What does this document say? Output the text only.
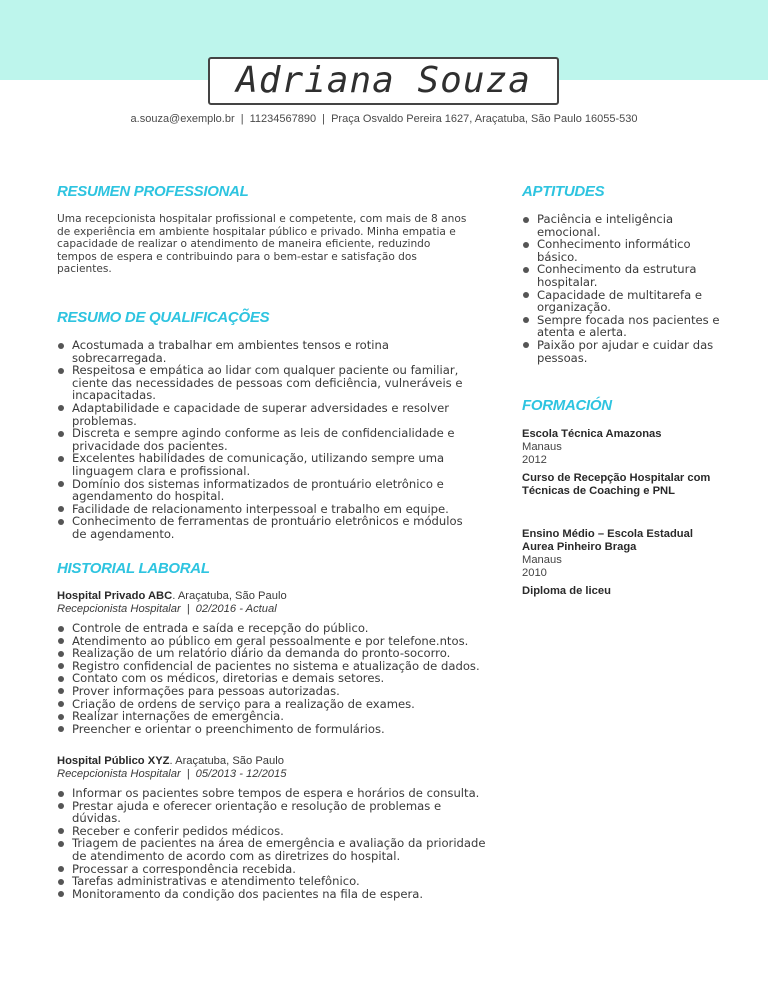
Adriana Souza
a.souza@exemplo.br | 11234567890 | Praça Osvaldo Pereira 1627, Araçatuba, São Paulo 16055-530
RESUMEN PROFESSIONAL
Uma recepcionista hospitalar profissional e competente, com mais de 8 anos de experiência em ambiente hospitalar público e privado. Minha empatia e capacidade de realizar o atendimento de maneira eficiente, reduzindo tempos de espera e contribuindo para o bem-estar e satisfação dos pacientes.
RESUMO DE QUALIFICAÇÕES
Acostumada a trabalhar em ambientes tensos e rotina sobrecarregada.
Respeitosa e empática ao lidar com qualquer paciente ou familiar, ciente das necessidades de pessoas com deficiência, vulneráveis e incapacitadas.
Adaptabilidade e capacidade de superar adversidades e resolver problemas.
Discreta e sempre agindo conforme as leis de confidencialidade e privacidade dos pacientes.
Excelentes habilidades de comunicação, utilizando sempre uma linguagem clara e profissional.
Domínio dos sistemas informatizados de prontuário eletrônico e agendamento do hospital.
Facilidade de relacionamento interpessoal e trabalho em equipe.
Conhecimento de ferramentas de prontuário eletrônicos e módulos de agendamento.
HISTORIAL LABORAL
Hospital Privado ABC. Araçatuba, São Paulo
Recepcionista Hospitalar | 02/2016 - Actual
Controle de entrada e saída e recepção do público.
Atendimento ao público em geral pessoalmente e por telefone.ntos.
Realização de um relatório diário da demanda do pronto-socorro.
Registro confidencial de pacientes no sistema e atualização de dados.
Contato com os médicos, diretorias e demais setores.
Prover informações para pessoas autorizadas.
Criação de ordens de serviço para a realização de exames.
Realizar internações de emergência.
Preencher e orientar o preenchimento de formulários.
Hospital Público XYZ. Araçatuba, São Paulo
Recepcionista Hospitalar | 05/2013 - 12/2015
Informar os pacientes sobre tempos de espera e horários de consulta.
Prestar ajuda e oferecer orientação e resolução de problemas e dúvidas.
Receber e conferir pedidos médicos.
Triagem de pacientes na área de emergência e avaliação da prioridade de atendimento de acordo com as diretrizes do hospital.
Processar a correspondência recebida.
Tarefas administrativas e atendimento telefônico.
Monitoramento da condição dos pacientes na fila de espera.
APTITUDES
Paciência e inteligência emocional.
Conhecimento informático básico.
Conhecimento da estrutura hospitalar.
Capacidade de multitarefa e organização.
Sempre focada nos pacientes e atenta e alerta.
Paixão por ajudar e cuidar das pessoas.
FORMACIÓN
Escola Técnica Amazonas
Manaus
2012
Curso de Recepção Hospitalar com Técnicas de Coaching e PNL
Ensino Médio – Escola Estadual Aurea Pinheiro Braga
Manaus
2010
Diploma de liceu
